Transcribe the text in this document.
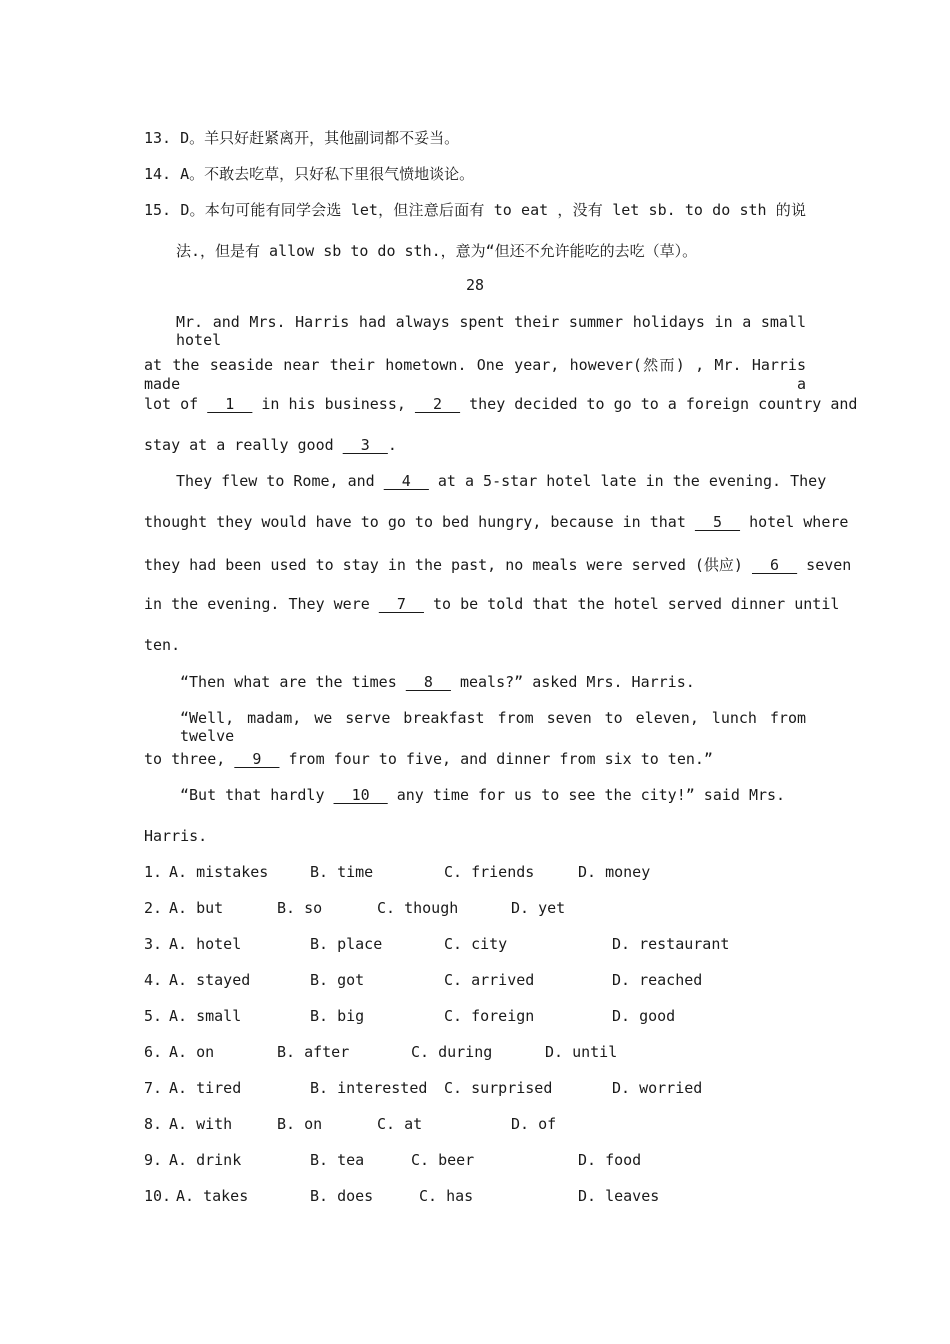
13. D。羊只好赶紧离开，其他副词都不妥当。
14. A。不敢去吃草，只好私下里很气愤地谈论。
15. D。本句可能有同学会选 let，但注意后面有 to eat ，没有 let sb. to do sth 的说
法.，但是有 allow sb to do sth.，意为“但还不允许能吃的去吃（草）。
28
Mr. and Mrs. Harris had always spent their summer holidays in a small hotel
at the seaside near their hometown. One year, however(然而) , Mr. Harris made a
lot of   1   in his business,   2   they decided to go to a foreign country and
stay at a really good   3  .
They flew to Rome, and   4   at a 5-star hotel late in the evening. They
thought they would have to go to bed hungry, because in that   5   hotel where
they had been used to stay in the past, no meals were served (供应)   6   seven
in the evening. They were   7   to be told that the hotel served dinner until
ten.
“Then what are the times   8   meals?” asked Mrs. Harris.
“Well, madam, we serve breakfast from seven to eleven, lunch from twelve
to three,   9   from four to five, and dinner from six to ten.”
“But that hardly   10   any time for us to see the city!” said Mrs.
Harris.
1. A. mistakes	B. time	C. friends	D. money
2. A. but	B. so	C. though	D. yet
3. A. hotel	B. place	C. city	D. restaurant
4. A. stayed	B. got	C. arrived	D. reached
5. A. small	B. big	C. foreign	D. good
6. A. on	B. after	C. during	D. until
7. A. tired	B. interested C. surprised	D. worried
8. A. with	B. on	C. at	D. of
9. A. drink	B. tea	C. beer	D. food
10. A. takes	B. does	C. has	D. leaves
